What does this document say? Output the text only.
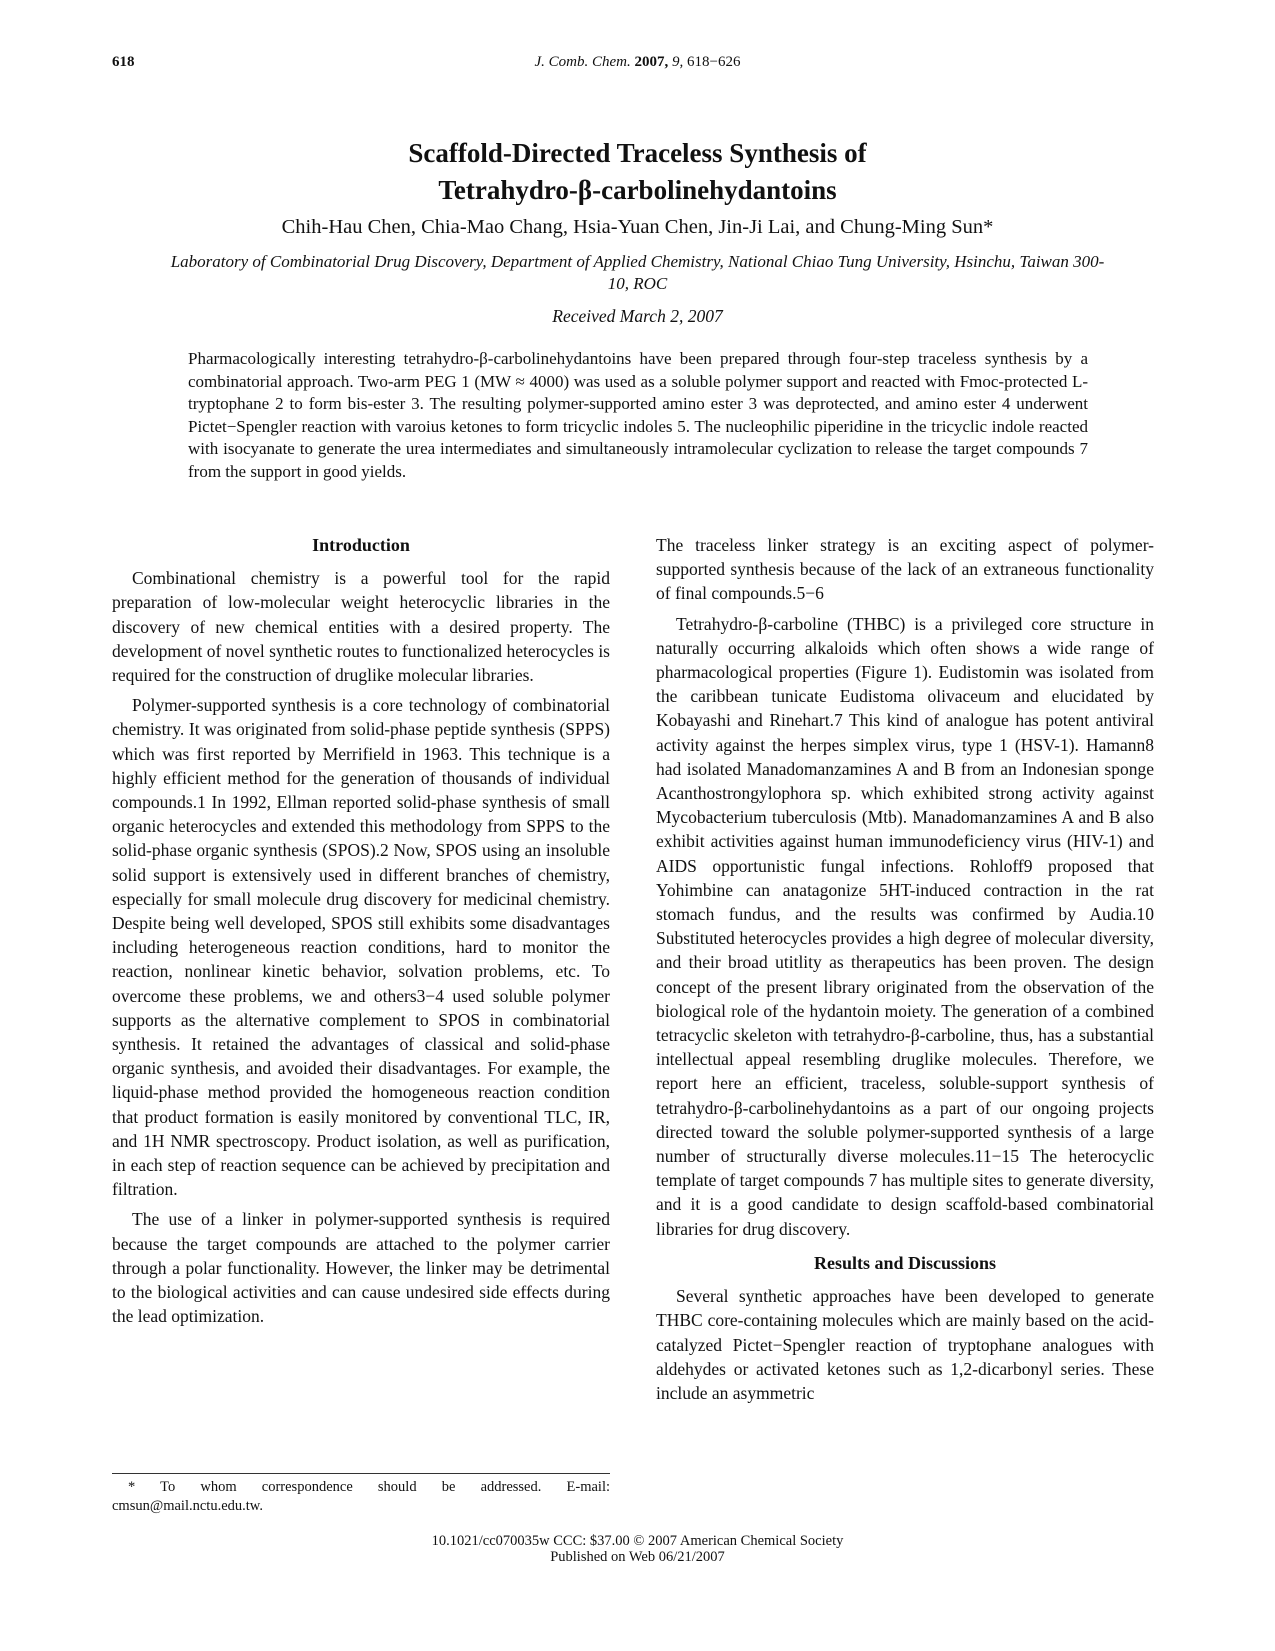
618	J. Comb. Chem. 2007, 9, 618−626
Scaffold-Directed Traceless Synthesis of
Tetrahydro-β-carbolinehydantoins
Chih-Hau Chen, Chia-Mao Chang, Hsia-Yuan Chen, Jin-Ji Lai, and Chung-Ming Sun*
Laboratory of Combinatorial Drug Discovery, Department of Applied Chemistry, National Chiao Tung University, Hsinchu, Taiwan 300-10, ROC
Received March 2, 2007
Pharmacologically interesting tetrahydro-β-carbolinehydantoins have been prepared through four-step traceless synthesis by a combinatorial approach. Two-arm PEG 1 (MW ≈ 4000) was used as a soluble polymer support and reacted with Fmoc-protected L-tryptophane 2 to form bis-ester 3. The resulting polymer-supported amino ester 3 was deprotected, and amino ester 4 underwent Pictet−Spengler reaction with varoius ketones to form tricyclic indoles 5. The nucleophilic piperidine in the tricyclic indole reacted with isocyanate to generate the urea intermediates and simultaneously intramolecular cyclization to release the target compounds 7 from the support in good yields.
Introduction

Combinational chemistry is a powerful tool for the rapid preparation of low-molecular weight heterocyclic libraries in the discovery of new chemical entities with a desired property. The development of novel synthetic routes to functionalized heterocycles is required for the construction of druglike molecular libraries.

Polymer-supported synthesis is a core technology of combinatorial chemistry. It was originated from solid-phase peptide synthesis (SPPS) which was first reported by Merrifield in 1963. This technique is a highly efficient method for the generation of thousands of individual compounds.1 In 1992, Ellman reported solid-phase synthesis of small organic heterocycles and extended this methodology from SPPS to the solid-phase organic synthesis (SPOS).2 Now, SPOS using an insoluble solid support is extensively used in different branches of chemistry, especially for small molecule drug discovery for medicinal chemistry. Despite being well developed, SPOS still exhibits some disadvantages including heterogeneous reaction conditions, hard to monitor the reaction, nonlinear kinetic behavior, solvation problems, etc. To overcome these problems, we and others3−4 used soluble polymer supports as the alternative complement to SPOS in combinatorial synthesis. It retained the advantages of classical and solid-phase organic synthesis, and avoided their disadvantages. For example, the liquid-phase method provided the homogeneous reaction condition that product formation is easily monitored by conventional TLC, IR, and 1H NMR spectroscopy. Product isolation, as well as purification, in each step of reaction sequence can be achieved by precipitation and filtration.

The use of a linker in polymer-supported synthesis is required because the target compounds are attached to the polymer carrier through a polar functionality. However, the linker may be detrimental to the biological activities and can cause undesired side effects during the lead optimization.

The traceless linker strategy is an exciting aspect of polymer-supported synthesis because of the lack of an extraneous functionality of final compounds.5−6

Tetrahydro-β-carboline (THBC) is a privileged core structure in naturally occurring alkaloids which often shows a wide range of pharmacological properties (Figure 1). Eudistomin was isolated from the caribbean tunicate Eudistoma olivaceum and elucidated by Kobayashi and Rinehart.7 This kind of analogue has potent antiviral activity against the herpes simplex virus, type 1 (HSV-1). Hamann8 had isolated Manadomanzamines A and B from an Indonesian sponge Acanthostrongylophora sp. which exhibited strong activity against Mycobacterium tuberculosis (Mtb). Manadomanzamines A and B also exhibit activities against human immunodeficiency virus (HIV-1) and AIDS opportunistic fungal infections. Rohloff9 proposed that Yohimbine can anatagonize 5HT-induced contraction in the rat stomach fundus, and the results was confirmed by Audia.10 Substituted heterocycles provides a high degree of molecular diversity, and their broad utitlity as therapeutics has been proven. The design concept of the present library originated from the observation of the biological role of the hydantoin moiety. The generation of a combined tetracyclic skeleton with tetrahydro-β-carboline, thus, has a substantial intellectual appeal resembling druglike molecules. Therefore, we report here an efficient, traceless, soluble-support synthesis of tetrahydro-β-carbolinehydantoins as a part of our ongoing projects directed toward the soluble polymer-supported synthesis of a large number of structurally diverse molecules.11−15 The heterocyclic template of target compounds 7 has multiple sites to generate diversity, and it is a good candidate to design scaffold-based combinatorial libraries for drug discovery.

Results and Discussions

Several synthetic approaches have been developed to generate THBC core-containing molecules which are mainly based on the acid-catalyzed Pictet−Spengler reaction of tryptophane analogues with aldehydes or activated ketones such as 1,2-dicarbonyl series. These include an asymmetric

* To whom correspondence should be addressed. E-mail: cmsun@mail.nctu.edu.tw.
10.1021/cc070035w CCC: $37.00 © 2007 American Chemical Society
Published on Web 06/21/2007
